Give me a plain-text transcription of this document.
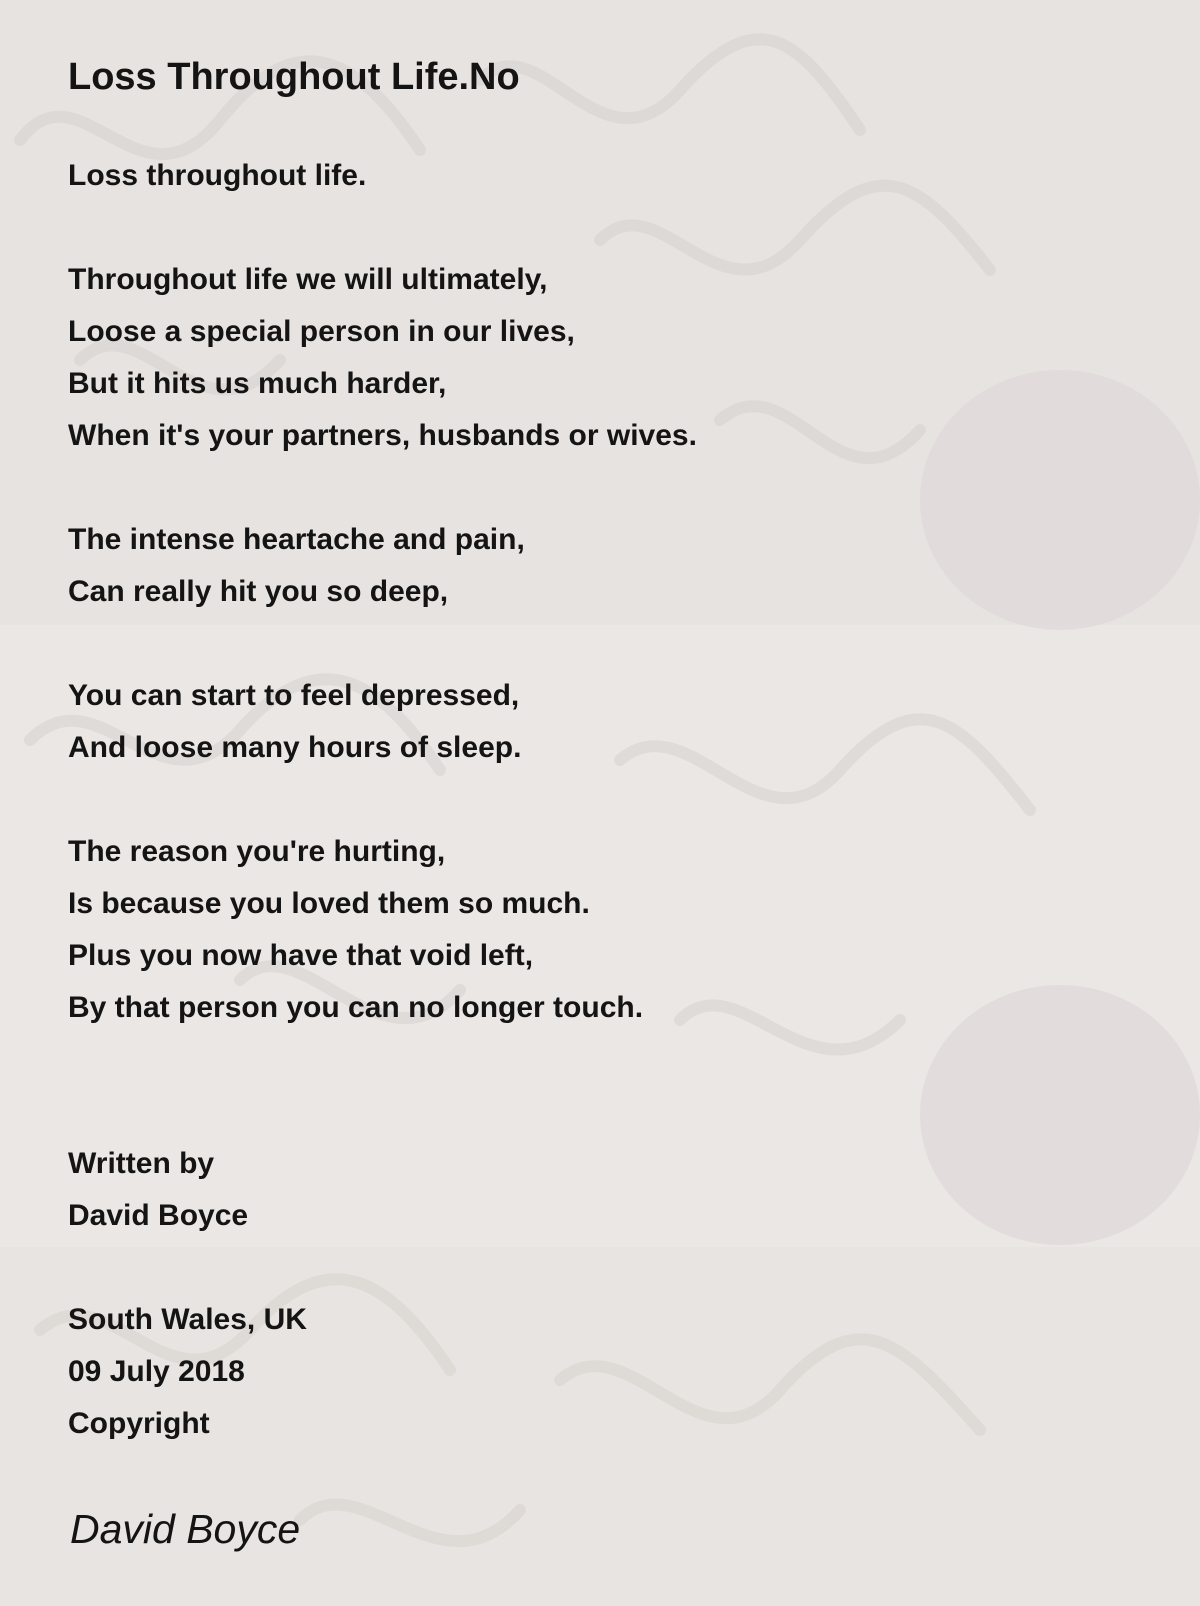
Loss Throughout Life.No
Loss throughout life.
Throughout life we will ultimately,
Loose a special person in our lives,
But it hits us much harder,
When it's your partners, husbands or wives.
The intense heartache and pain,
Can really hit you so deep,
You can start to feel depressed,
And loose many hours of sleep.
The reason you're hurting,
Is because you loved them so much.
Plus you now have that void left,
By that person you can no longer touch.
Written by
David Boyce
South Wales, UK
09 July 2018
Copyright
David Boyce
